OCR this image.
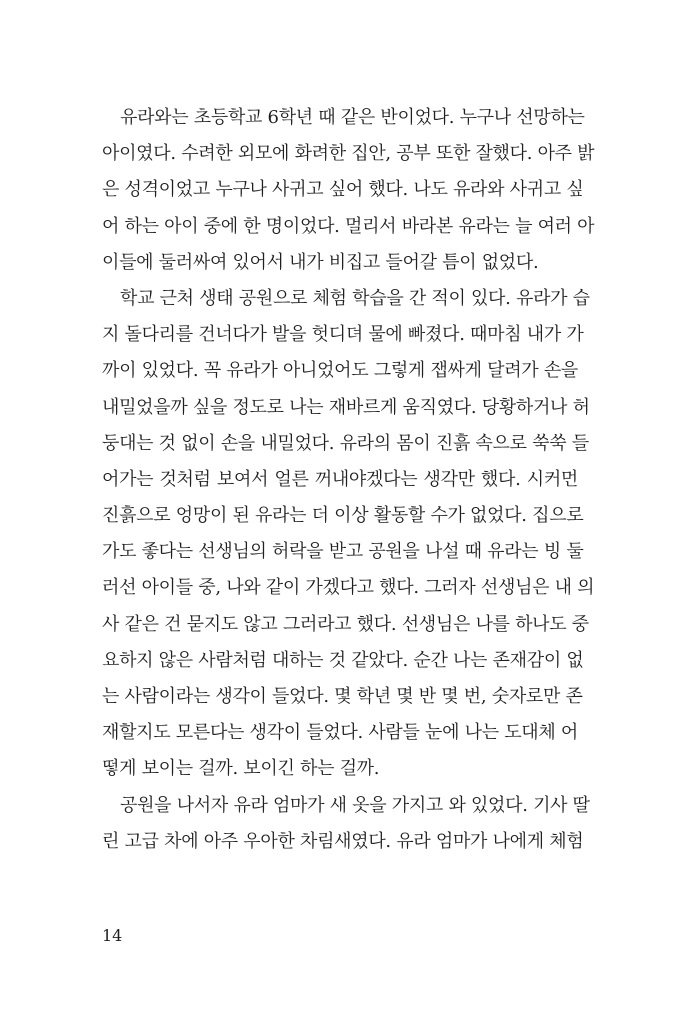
유라와는 초등학교 6학년 때 같은 반이었다. 누구나 선망하는
아이였다. 수려한 외모에 화려한 집안, 공부 또한 잘했다. 아주 밝
은 성격이었고 누구나 사귀고 싶어 했다. 나도 유라와 사귀고 싶
어 하는 아이 중에 한 명이었다. 멀리서 바라본 유라는 늘 여러 아
이들에 둘러싸여 있어서 내가 비집고 들어갈 틈이 없었다.
학교 근처 생태 공원으로 체험 학습을 간 적이 있다. 유라가 습
지 돌다리를 건너다가 발을 헛디뎌 물에 빠졌다. 때마침 내가 가
까이 있었다. 꼭 유라가 아니었어도 그렇게 잽싸게 달려가 손을
내밀었을까 싶을 정도로 나는 재바르게 움직였다. 당황하거나 허
둥대는 것 없이 손을 내밀었다. 유라의 몸이 진흙 속으로 쑥쑥 들
어가는 것처럼 보여서 얼른 꺼내야겠다는 생각만 했다. 시커먼
진흙으로 엉망이 된 유라는 더 이상 활동할 수가 없었다. 집으로
가도 좋다는 선생님의 허락을 받고 공원을 나설 때 유라는 빙 둘
러선 아이들 중, 나와 같이 가겠다고 했다. 그러자 선생님은 내 의
사 같은 건 묻지도 않고 그러라고 했다. 선생님은 나를 하나도 중
요하지 않은 사람처럼 대하는 것 같았다. 순간 나는 존재감이 없
는 사람이라는 생각이 들었다. 몇 학년 몇 반 몇 번, 숫자로만 존
재할지도 모른다는 생각이 들었다. 사람들 눈에 나는 도대체 어
떻게 보이는 걸까. 보이긴 하는 걸까.
공원을 나서자 유라 엄마가 새 옷을 가지고 와 있었다. 기사 딸
린 고급 차에 아주 우아한 차림새였다. 유라 엄마가 나에게 체험
14
